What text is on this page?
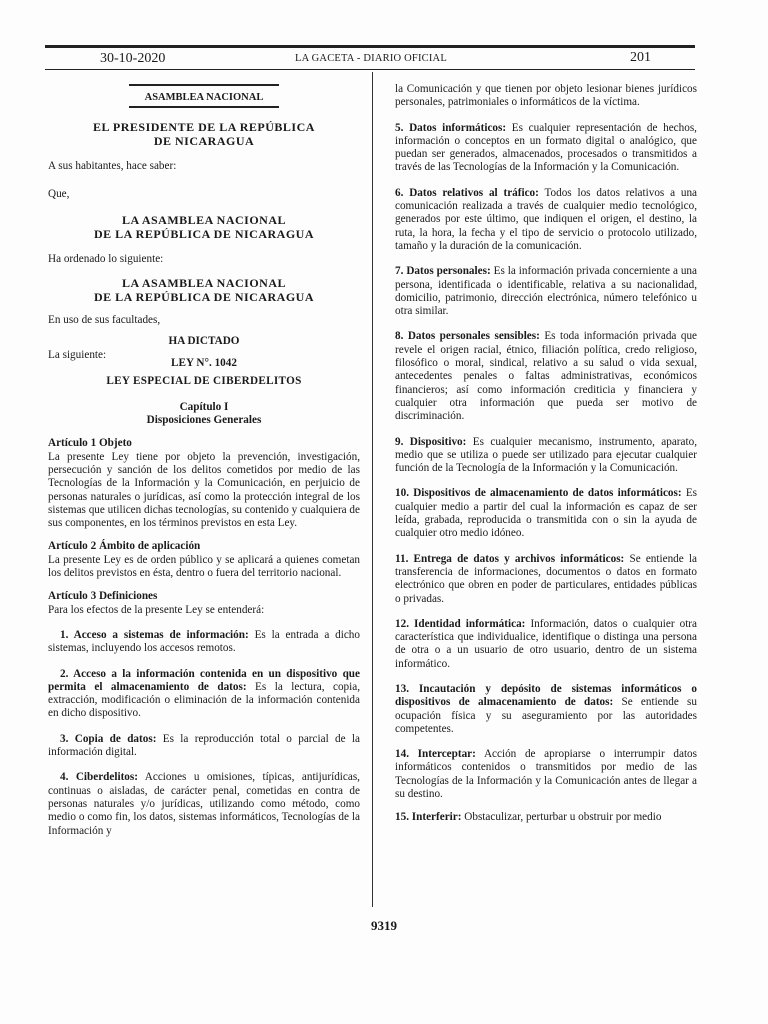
30-10-2020	LA GACETA - DIARIO OFICIAL	201
ASAMBLEA NACIONAL
EL PRESIDENTE DE LA REPÚBLICA
DE NICARAGUA

A sus habitantes, hace saber:

Que,

LA ASAMBLEA NACIONAL
DE LA REPÚBLICA DE NICARAGUA

Ha ordenado lo siguiente:

LA ASAMBLEA NACIONAL
DE LA REPÚBLICA DE NICARAGUA

En uso de sus facultades,

HA DICTADO
La siguiente:
LEY N°. 1042
LEY ESPECIAL DE CIBERDELITOS
Capítulo I
Disposiciones Generales

Artículo 1 Objeto

La presente Ley tiene por objeto la prevención, investigación, persecución y sanción de los delitos cometidos por medio de las Tecnologías de la Información y la Comunicación, en perjuicio de personas naturales o jurídicas, así como la protección integral de los sistemas que utilicen dichas tecnologías, su contenido y cualquiera de sus componentes, en los términos previstos en esta Ley.

Artículo 2 Ámbito de aplicación

La presente Ley es de orden público y se aplicará a quienes cometan los delitos previstos en ésta, dentro o fuera del territorio nacional.

Artículo 3 Definiciones

Para los efectos de la presente Ley se entenderá:

1. Acceso a sistemas de información: Es la entrada a dicho sistemas, incluyendo los accesos remotos.

2. Acceso a la información contenida en un dispositivo que permita el almacenamiento de datos: Es la lectura, copia, extracción, modificación o eliminación de la información contenida en dicho dispositivo.

3. Copia de datos: Es la reproducción total o parcial de la información digital.

4. Ciberdelitos: Acciones u omisiones, típicas, antijurídicas, continuas o aisladas, de carácter penal, cometidas en contra de personas naturales y/o jurídicas, utilizando como método, como medio o como fin, los datos, sistemas informáticos, Tecnologías de la Información y

la Comunicación y que tienen por objeto lesionar bienes jurídicos personales, patrimoniales o informáticos de la víctima.

5. Datos informáticos: Es cualquier representación de hechos, información o conceptos en un formato digital o analógico, que puedan ser generados, almacenados, procesados o transmitidos a través de las Tecnologías de la Información y la Comunicación.

6. Datos relativos al tráfico: Todos los datos relativos a una comunicación realizada a través de cualquier medio tecnológico, generados por este último, que indiquen el origen, el destino, la ruta, la hora, la fecha y el tipo de servicio o protocolo utilizado, tamaño y la duración de la comunicación.

7. Datos personales: Es la información privada concerniente a una persona, identificada o identificable, relativa a su nacionalidad, domicilio, patrimonio, dirección electrónica, número telefónico u otra similar.

8. Datos personales sensibles: Es toda información privada que revele el origen racial, étnico, filiación política, credo religioso, filosófico o moral, sindical, relativo a su salud o vida sexual, antecedentes penales o faltas administrativas, económicos financieros; así como información crediticia y financiera y cualquier otra información que pueda ser motivo de discriminación.

9. Dispositivo: Es cualquier mecanismo, instrumento, aparato, medio que se utiliza o puede ser utilizado para ejecutar cualquier función de la Tecnología de la Información y la Comunicación.

10. Dispositivos de almacenamiento de datos informáticos: Es cualquier medio a partir del cual la información es capaz de ser leída, grabada, reproducida o transmitida con o sin la ayuda de cualquier otro medio idóneo.

11. Entrega de datos y archivos informáticos: Se entiende la transferencia de informaciones, documentos o datos en formato electrónico que obren en poder de particulares, entidades públicas o privadas.

12. Identidad informática: Información, datos o cualquier otra característica que individualice, identifique o distinga una persona de otra o a un usuario de otro usuario, dentro de un sistema informático.

13. Incautación y depósito de sistemas informáticos o dispositivos de almacenamiento de datos: Se entiende su ocupación física y su aseguramiento por las autoridades competentes.

14. Interceptar: Acción de apropiarse o interrumpir datos informáticos contenidos o transmitidos por medio de las Tecnologías de la Información y la Comunicación antes de llegar a su destino.

15. Interferir: Obstaculizar, perturbar u obstruir por medio

9319
